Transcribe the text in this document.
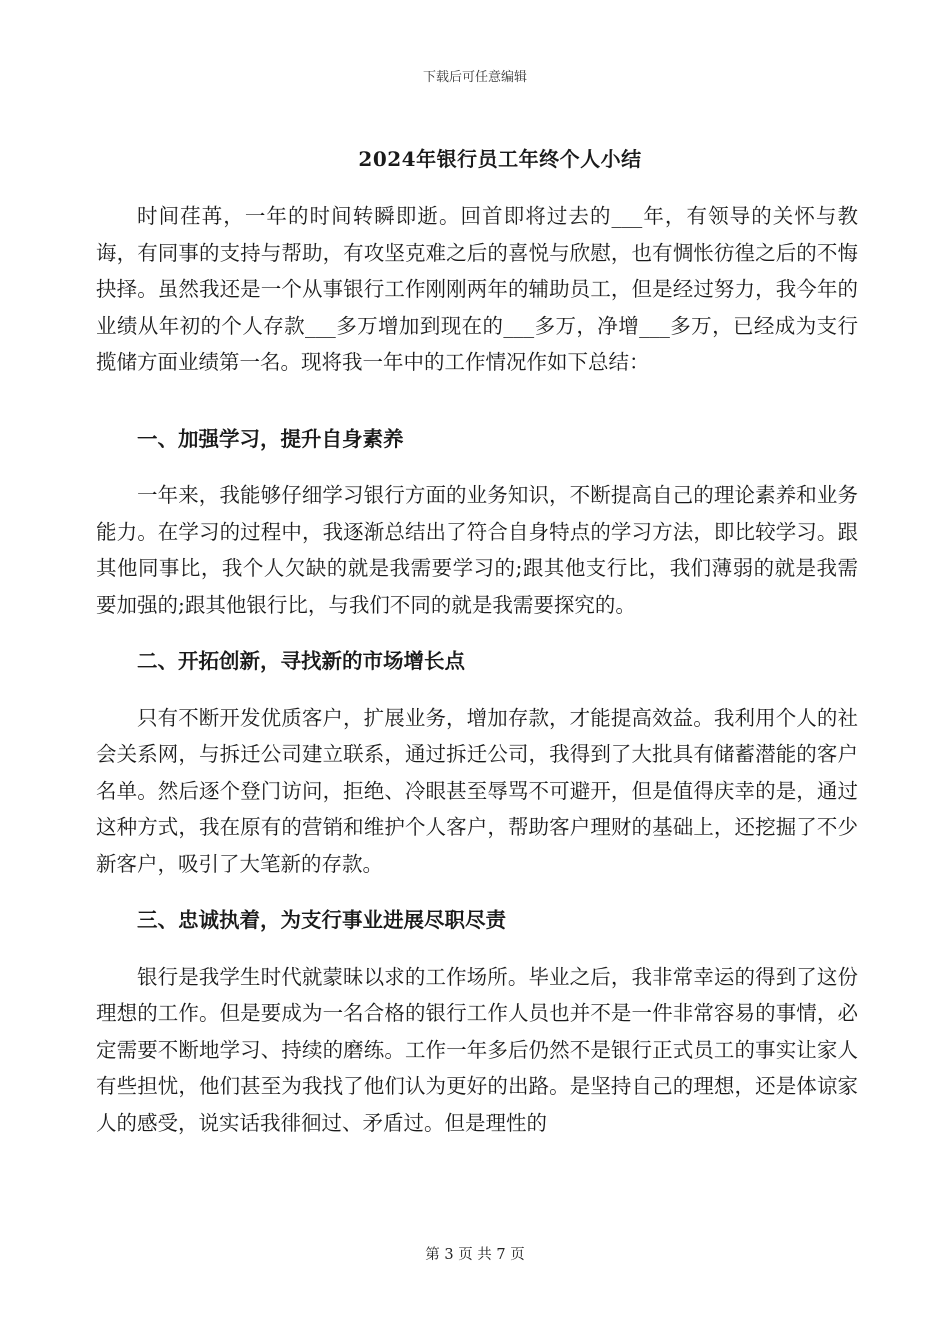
下载后可任意编辑
2024年银行员工年终个人小结

时间荏苒，一年的时间转瞬即逝。回首即将过去的___年，有领导的关怀与教诲，有同事的支持与帮助，有攻坚克难之后的喜悦与欣慰，也有惆怅彷徨之后的不悔抉择。虽然我还是一个从事银行工作刚刚两年的辅助员工，但是经过努力，我今年的业绩从年初的个人存款___多万增加到现在的___多万，净增___多万，已经成为支行揽储方面业绩第一名。现将我一年中的工作情况作如下总结：

一、加强学习，提升自身素养

一年来，我能够仔细学习银行方面的业务知识，不断提高自己的理论素养和业务能力。在学习的过程中，我逐渐总结出了符合自身特点的学习方法，即比较学习。跟其他同事比，我个人欠缺的就是我需要学习的;跟其他支行比，我们薄弱的就是我需要加强的;跟其他银行比，与我们不同的就是我需要探究的。

二、开拓创新，寻找新的市场增长点

只有不断开发优质客户，扩展业务，增加存款，才能提高效益。我利用个人的社会关系网，与拆迁公司建立联系，通过拆迁公司，我得到了大批具有储蓄潜能的客户名单。然后逐个登门访问，拒绝、冷眼甚至辱骂不可避开，但是值得庆幸的是，通过这种方式，我在原有的营销和维护个人客户，帮助客户理财的基础上，还挖掘了不少新客户，吸引了大笔新的存款。

三、忠诚执着，为支行事业进展尽职尽责

银行是我学生时代就蒙昧以求的工作场所。毕业之后，我非常幸运的得到了这份理想的工作。但是要成为一名合格的银行工作人员也并不是一件非常容易的事情，必定需要不断地学习、持续的磨练。工作一年多后仍然不是银行正式员工的事实让家人有些担忧，他们甚至为我找了他们认为更好的出路。是坚持自己的理想，还是体谅家人的感受，说实话我徘徊过、矛盾过。但是理性的

第 3 页 共 7 页
